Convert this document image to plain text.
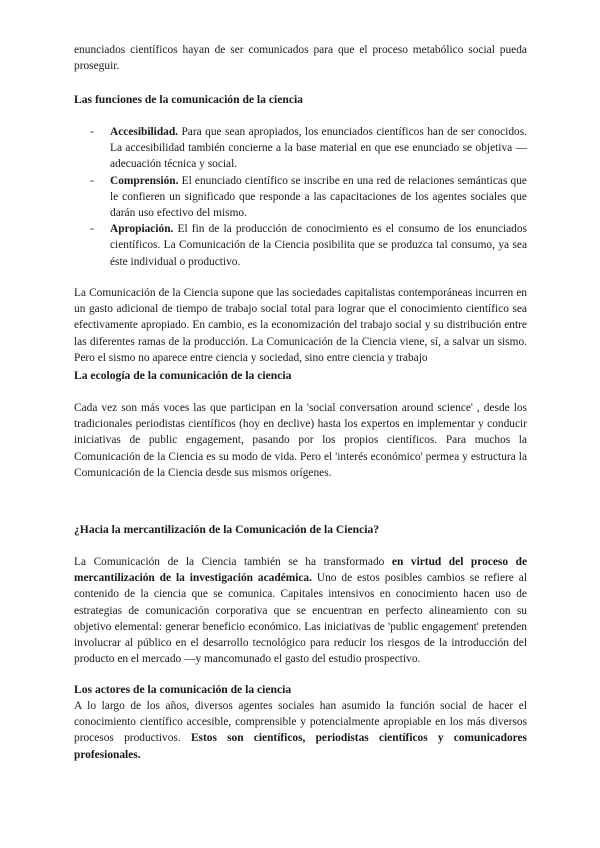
enunciados científicos hayan de ser comunicados para que el proceso metabólico social pueda proseguir.

Las funciones de la comunicación de la ciencia
- Accesibilidad. Para que sean apropiados, los enunciados científicos han de ser conocidos. La accesibilidad también concierne a la base material en que ese enunciado se objetiva — adecuación técnica y social.
- Comprensión. El enunciado científico se inscribe en una red de relaciones semánticas que le confieren un significado que responde a las capacitaciones de los agentes sociales que darán uso efectivo del mismo.
- Apropiación. El fin de la producción de conocimiento es el consumo de los enunciados científicos. La Comunicación de la Ciencia posibilita que se produzca tal consumo, ya sea éste individual o productivo.

La Comunicación de la Ciencia supone que las sociedades capitalistas contemporáneas incurren en un gasto adicional de tiempo de trabajo social total para lograr que el conocimiento científico sea efectivamente apropiado. En cambio, es la economización del trabajo social y su distribución entre las diferentes ramas de la producción. La Comunicación de la Ciencia viene, sí, a salvar un sismo. Pero el sismo no aparece entre ciencia y sociedad, sino entre ciencia y trabajo

La ecología de la comunicación de la ciencia

Cada vez son más voces las que participan en la 'social conversation around science' , desde los tradicionales periodistas científicos (hoy en declive) hasta los expertos en implementar y conducir iniciativas de public engagement, pasando por los propios científicos. Para muchos la Comunicación de la Ciencia es su modo de vida. Pero el 'interés económico' permea y estructura la Comunicación de la Ciencia desde sus mismos orígenes.

¿Hacia la mercantilización de la Comunicación de la Ciencia?

La Comunicación de la Ciencia también se ha transformado en virtud del proceso de mercantilización de la investigación académica. Uno de estos posibles cambios se refiere al contenido de la ciencia que se comunica. Capitales intensivos en conocimiento hacen uso de estrategias de comunicación corporativa que se encuentran en perfecto alineamiento con su objetivo elemental: generar beneficio económico. Las iniciativas de 'public engagement' pretenden involucrar al público en el desarrollo tecnológico para reducir los riesgos de la introducción del producto en el mercado —y mancomunado el gasto del estudio prospectivo.

Los actores de la comunicación de la ciencia

A lo largo de los años, diversos agentes sociales han asumido la función social de hacer el conocimiento científico accesible, comprensible y potencialmente apropiable en los más diversos procesos productivos. Estos son científicos, periodistas científicos y comunicadores profesionales.
